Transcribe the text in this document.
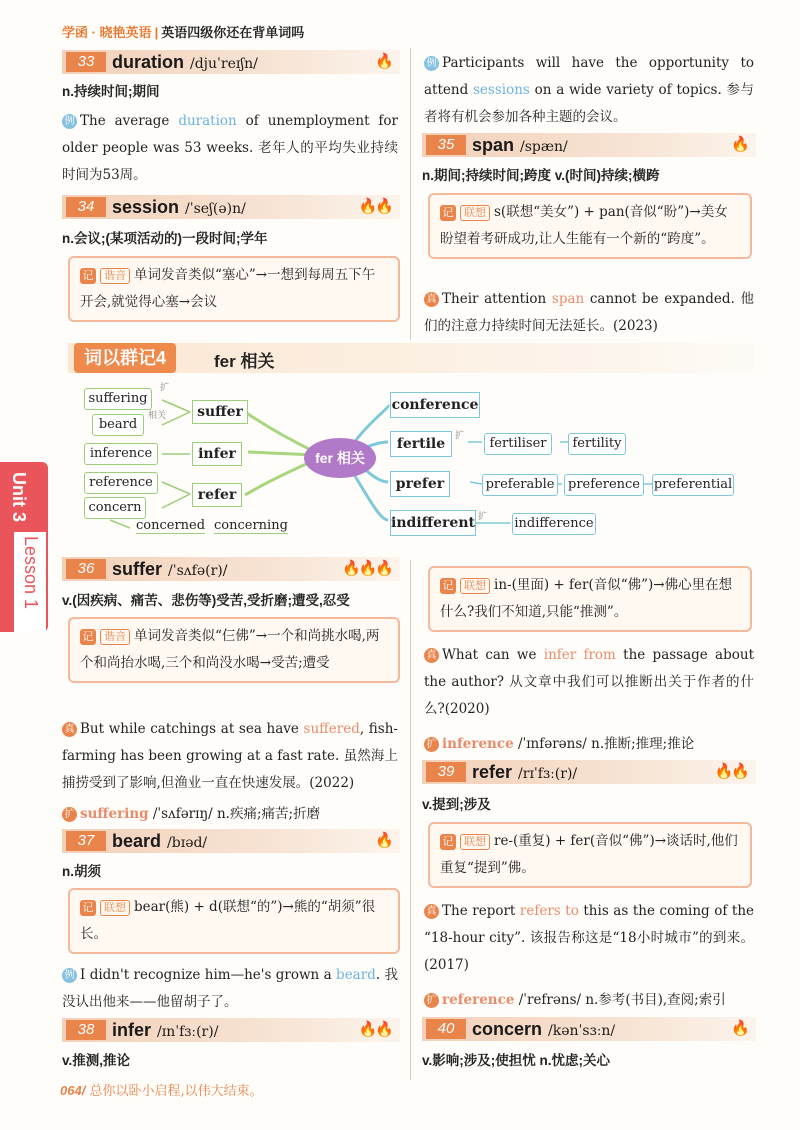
学函 · 晓艳英语 | 英语四级你还在背单词吗
33 duration /djuˈreɪʃn/	🔥
n.持续时间;期间
例 The average duration of unemployment for older people was 53 weeks. 老年人的平均失业持续时间为53周。
34 session /ˈseʃ(ə)n/	🔥🔥
n.会议;(某项活动的)一段时间;学年
记 谐音 单词发音类似“塞心”→一想到每周五下午开会,就觉得心塞→会议
例 Participants will have the opportunity to attend sessions on a wide variety of topics. 参与者将有机会参加各种主题的会议。
35 span /spæn/	🔥
n.期间;持续时间;跨度 v.(时间)持续;横跨
记 联想 s(联想“美女”) + pan(音似“盼”)→美女盼望着考研成功,让人生能有一个新的“跨度”。
真 Their attention span cannot be expanded. 他们的注意力持续时间无法延长。(2023)
词以群记4	fer 相关
fer 相关
suffering
beard
suffer
inference	infer
reference
concern
refer
concerned concerning
conference
fertile	fertiliser	fertility
prefer	preferable	preference	preferential
indifferent	indifference
相关
扩
扩
扩
Unit 3
Lesson 1	36 suffer /ˈsʌfə(r)/	🔥🔥🔥
v.(因疾病、痛苦、悲伤等)受苦,受折磨;遭受,忍受
记 谐音 单词发音类似“仨佛”→一个和尚挑水喝,两个和尚抬水喝,三个和尚没水喝→受苦;遭受
真 But while catchings at sea have suffered, fish-farming has been growing at a fast rate. 虽然海上捕捞受到了影响,但渔业一直在快速发展。(2022)
扩 suffering /ˈsʌfərɪŋ/ n.疾痛;痛苦;折磨
37 beard /bɪəd/	🔥
n.胡须
记 联想 bear(熊) + d(联想“的”)→熊的“胡须”很长。
例 I didn't recognize him—he's grown a beard. 我没认出他来——他留胡子了。
38 infer /ɪnˈfɜː(r)/	🔥🔥
v.推测,推论
记 联想 in-(里面) + fer(音似“佛”)→佛心里在想什么?我们不知道,只能“推测”。
真 What can we infer from the passage about the author? 从文章中我们可以推断出关于作者的什么?(2020)
扩 inference /ˈɪnfərəns/ n.推断;推理;推论
39 refer /rɪˈfɜː(r)/	🔥🔥
v.提到;涉及
记 联想 re-(重复) + fer(音似“佛”)→谈话时,他们重复“提到”佛。
真 The report refers to this as the coming of the “18-hour city”. 该报告称这是“18小时城市”的到来。(2017)
扩 reference /ˈrefrəns/ n.参考(书目),查阅;索引
40 concern /kənˈsɜːn/	🔥
v.影响;涉及;使担忧 n.忧虑;关心
064/ 总你以卧小启程,以伟大结束。
